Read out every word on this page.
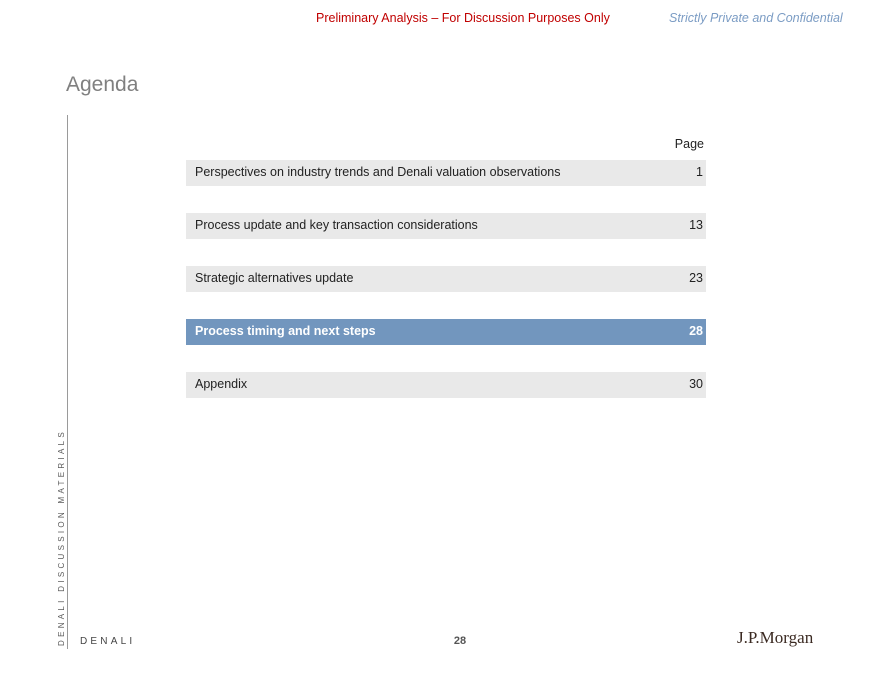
Preliminary Analysis – For Discussion Purposes Only	Strictly Private and Confidential
Agenda
DENALI DISCUSSION MATERIALS
Page
Perspectives on industry trends and Denali valuation observations	1
Process update and key transaction considerations	13
Strategic alternatives update	23
Process timing and next steps	28
Appendix	30
DENALI	28	J.P.Morgan
